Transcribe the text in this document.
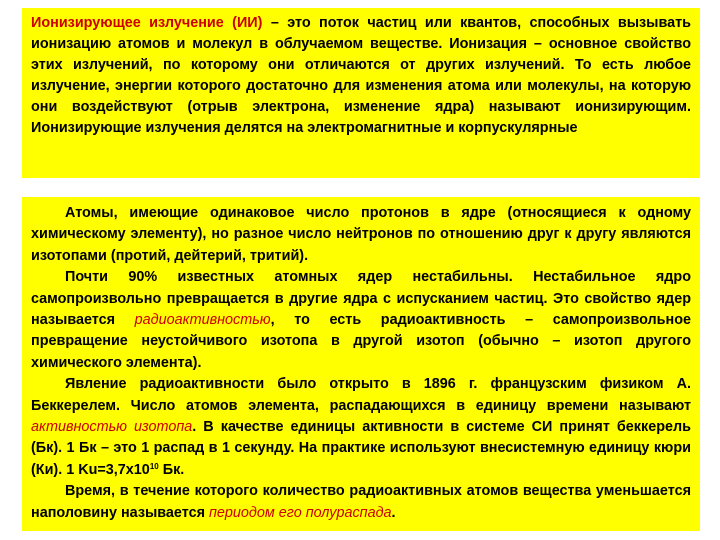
Ионизирующее излучение (ИИ) – это поток частиц или квантов, способных вызывать ионизацию атомов и молекул в облучаемом веществе. Ионизация – основное свойство этих излучений, по которому они отличаются от других излучений. То есть любое излучение, энергии которого достаточно для изменения атома или молекулы, на которую они воздействуют (отрыв электрона, изменение ядра) называют ионизирующим. Ионизирующие излучения делятся на электромагнитные и корпускулярные

Атомы, имеющие одинаковое число протонов в ядре (относящиеся к одному химическому элементу), но разное число нейтронов по отношению друг к другу являются изотопами (протий, дейтерий, тритий).

Почти 90% известных атомных ядер нестабильны. Нестабильное ядро самопроизвольно превращается в другие ядра с испусканием частиц. Это свойство ядер называется радиоактивностью, то есть радиоактивность – самопроизвольное превращение неустойчивого изотопа в другой изотоп (обычно – изотоп другого химического элемента).

Явление радиоактивности было открыто в 1896 г. французским физиком А. Беккерелем. Число атомов элемента, распадающихся в единицу времени называют активностью изотопа. В качестве единицы активности в системе СИ принят беккерель (Бк). 1 Бк – это 1 распад в 1 секунду. На практике используют внесистемную единицу кюри (Ки). 1 $Ku=3,7x10^{10}$ Бк.

Время, в течение которого количество радиоактивных атомов вещества уменьшается наполовину называется периодом его полураспада.
